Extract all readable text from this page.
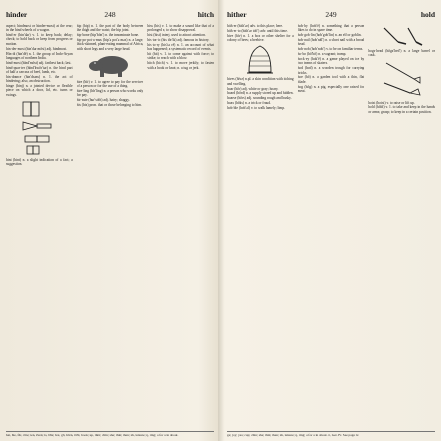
hinder	248	hitch

aspect; hindmost or hinder-most) at the rear; in the hind wheels of a wagon.

hind·er (hin′dər) v. 1. to keep back; delay; check; to hold back or keep from progress or motion.

hin·der·most (hin′dər mōst) adj. hindmost.

Hin·di (hin′dē) n. 1. the group of Indo-Aryan languages of northern India.

hind·most (hīnd′mōst) adj. farthest back; last.

hind·quar·ter (hīnd′kwôr′tər) n. the hind part of half a carcass of beef, lamb, etc.

hin·drance (hin′drəns) n. 1. the act of hindering; also, an obstruction.

hinge (hinj) n. a jointed device or flexible piece on which a door, lid, etc. turns or swings.

hint (hint) n. a slight indication of a fact; a suggestion.

hip (hip) n. 1. the part of the body between the thigh and the waist; the hip joint.

hip·bone (hip′bōn′) n. the innominate bone.

hip·po·pot·a·mus (hip′ə pot′ə məs) n. a large, thick-skinned, plant-eating mammal of Africa, with short legs and a very large head.

hire (hīr) v. 1. to agree to pay for the services of a person or for the use of a thing.

hire·ling (hīr′ling) n. a person who works only for pay.

hir·sute (hur′so͞ot) adj. hairy; shaggy.

his (hiz) pron. that or those belonging to him.

hiss (his) v. 1. to make a sound like that of a prolonged s; to show disapproval.

hist (hist) interj. used to attract attention.

his·tor·ic (his tôr′ik) adj. famous in history.

his·to·ry (his′tə rē) n. 1. an account of what has happened; a systematic record of events.

hit (hit) v. 1. to come against with force; to strike; to reach with a blow.

hitch (hich) v. 1. to move jerkily; to fasten with a hook or knot; n. a tug or jerk.

hat, āte, fâr, câre; ten, ēven; is, bīte; hot, gō, hôrn, tōōl, book; up, tûrn; chin; she; thin; then; zh, leisure; ŋ, ring; ə for a in about.
hither	249	hold

hith·er (hith′ər) adv. to this place; here.

hith·er·to (hith′ər to͞o′) adv. until this time.

hive (hīv) n. 1. a box or other shelter for a colony of bees; a beehive.

hives (hīvz) n.pl. a skin condition with itching and swelling.

hoar (hôr) adj. white or gray; hoary.

hoard (hôrd) n. a supply stored up and hidden.

hoarse (hôrs) adj. sounding rough and husky.

hoax (hōks) n. a trick or fraud.

hob·ble (hob′əl) v. to walk lamely; limp.

hob·by (hob′ē) n. something that a person likes to do in spare time.

hob·gob·lin (hob′gob′lin) n. an elf or goblin.

hob·nail (hob′nāl′) n. a short nail with a broad head.

hob·nob (hob′nob′) v. to be on familiar terms.

ho·bo (hō′bō) n. a vagrant; tramp.

hock·ey (hok′ē) n. a game played on ice by two teams of skaters.

hod (hod) n. a wooden trough for carrying bricks.

hoe (hō) n. a garden tool with a thin, flat blade.

hog (hôg) n. a pig, especially one raised for meat.

hogs·head (hôgz′hed′) n. a large barrel or cask.

hoist (hoist) v. to raise or lift up.

hold (hōld) v. 1. to take and keep in the hands or arms; grasp; to keep in a certain position.

ge; joy; yes; cup; chin; she; thin; then; zh, leisure; ŋ, ring; ə for a in about. ö, Ger. Fr. See page iv.
